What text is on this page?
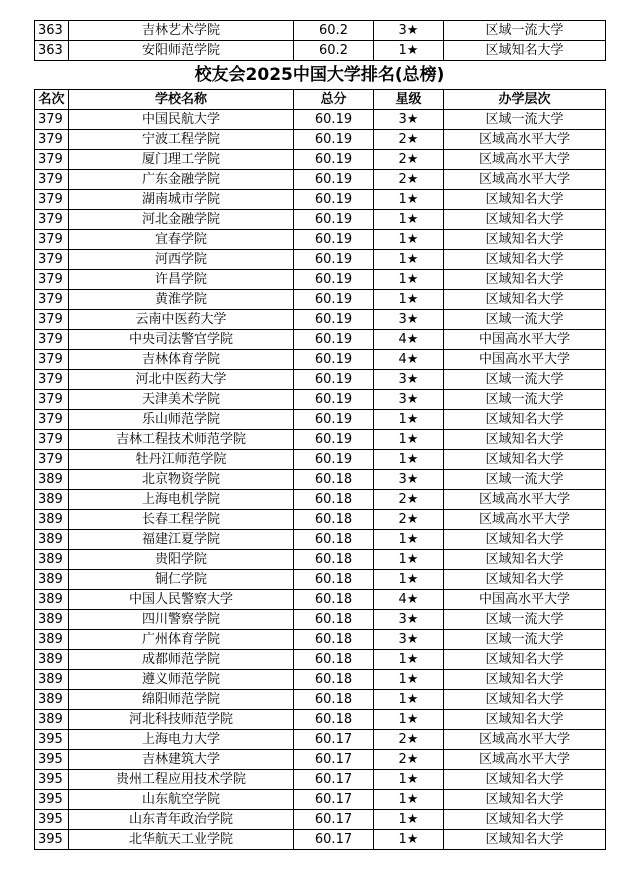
363	吉林艺术学院	60.2	3★	区域一流大学
363	安阳师范学院	60.2	1★	区域知名大学
校友会2025中国大学排名(总榜)
名次	学校名称	总分	星级	办学层次
379	中国民航大学	60.19	3★	区域一流大学
379	宁波工程学院	60.19	2★	区域高水平大学
379	厦门理工学院	60.19	2★	区域高水平大学
379	广东金融学院	60.19	2★	区域高水平大学
379	湖南城市学院	60.19	1★	区域知名大学
379	河北金融学院	60.19	1★	区域知名大学
379	宜春学院	60.19	1★	区域知名大学
379	河西学院	60.19	1★	区域知名大学
379	许昌学院	60.19	1★	区域知名大学
379	黄淮学院	60.19	1★	区域知名大学
379	云南中医药大学	60.19	3★	区域一流大学
379	中央司法警官学院	60.19	4★	中国高水平大学
379	吉林体育学院	60.19	4★	中国高水平大学
379	河北中医药大学	60.19	3★	区域一流大学
379	天津美术学院	60.19	3★	区域一流大学
379	乐山师范学院	60.19	1★	区域知名大学
379	吉林工程技术师范学院	60.19	1★	区域知名大学
379	牡丹江师范学院	60.19	1★	区域知名大学
389	北京物资学院	60.18	3★	区域一流大学
389	上海电机学院	60.18	2★	区域高水平大学
389	长春工程学院	60.18	2★	区域高水平大学
389	福建江夏学院	60.18	1★	区域知名大学
389	贵阳学院	60.18	1★	区域知名大学
389	铜仁学院	60.18	1★	区域知名大学
389	中国人民警察大学	60.18	4★	中国高水平大学
389	四川警察学院	60.18	3★	区域一流大学
389	广州体育学院	60.18	3★	区域一流大学
389	成都师范学院	60.18	1★	区域知名大学
389	遵义师范学院	60.18	1★	区域知名大学
389	绵阳师范学院	60.18	1★	区域知名大学
389	河北科技师范学院	60.18	1★	区域知名大学
395	上海电力大学	60.17	2★	区域高水平大学
395	吉林建筑大学	60.17	2★	区域高水平大学
395	贵州工程应用技术学院	60.17	1★	区域知名大学
395	山东航空学院	60.17	1★	区域知名大学
395	山东青年政治学院	60.17	1★	区域知名大学
395	北华航天工业学院	60.17	1★	区域知名大学
